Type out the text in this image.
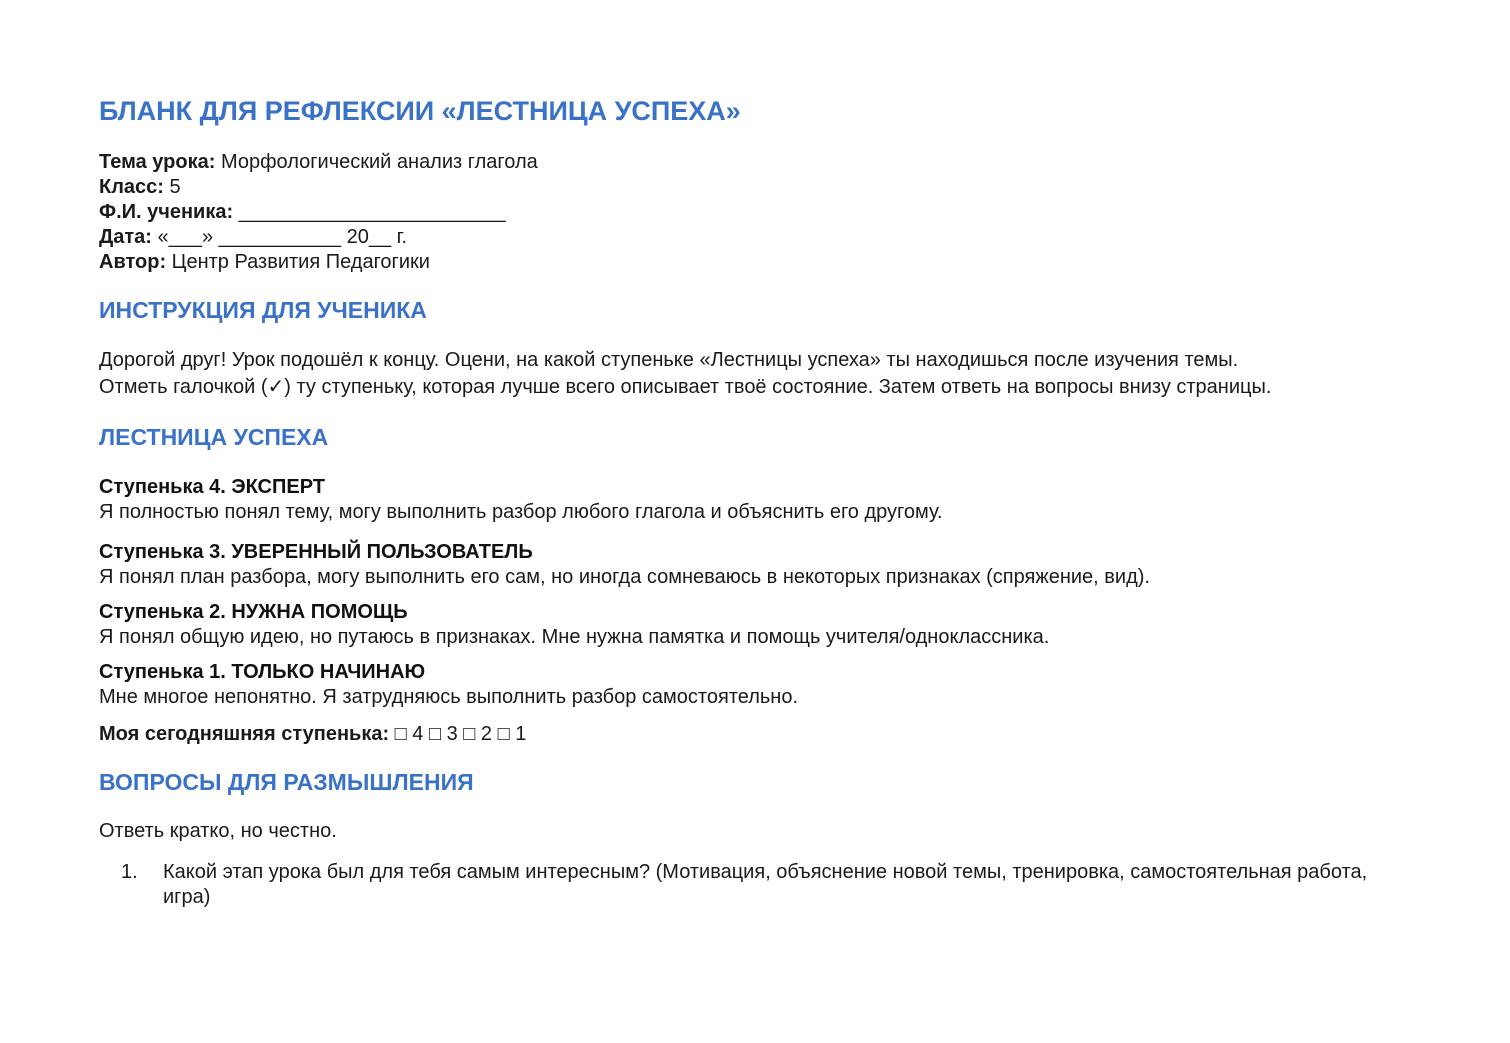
БЛАНК ДЛЯ РЕФЛЕКСИИ «ЛЕСТНИЦА УСПЕХА»
Тема урока: Морфологический анализ глагола
Класс: 5
Ф.И. ученика: ________________________
Дата: «___» ___________ 20__ г.
Автор: Центр Развития Педагогики
ИНСТРУКЦИЯ ДЛЯ УЧЕНИКА
Дорогой друг! Урок подошёл к концу. Оцени, на какой ступеньке «Лестницы успеха» ты находишься после изучения темы.
Отметь галочкой (✓) ту ступеньку, которая лучше всего описывает твоё состояние. Затем ответь на вопросы внизу страницы.
ЛЕСТНИЦА УСПЕХА
Ступенька 4. ЭКСПЕРТ
Я полностью понял тему, могу выполнить разбор любого глагола и объяснить его другому.
Ступенька 3. УВЕРЕННЫЙ ПОЛЬЗОВАТЕЛЬ
Я понял план разбора, могу выполнить его сам, но иногда сомневаюсь в некоторых признаках (спряжение, вид).
Ступенька 2. НУЖНА ПОМОЩЬ
Я понял общую идею, но путаюсь в признаках. Мне нужна памятка и помощь учителя/одноклассника.
Ступенька 1. ТОЛЬКО НАЧИНАЮ
Мне многое непонятно. Я затрудняюсь выполнить разбор самостоятельно.
Моя сегодняшняя ступенька: □ 4 □ 3 □ 2 □ 1
ВОПРОСЫ ДЛЯ РАЗМЫШЛЕНИЯ
Ответь кратко, но честно.
1.	Какой этап урока был для тебя самым интересным? (Мотивация, объяснение новой темы, тренировка, самостоятельная работа, игра)
